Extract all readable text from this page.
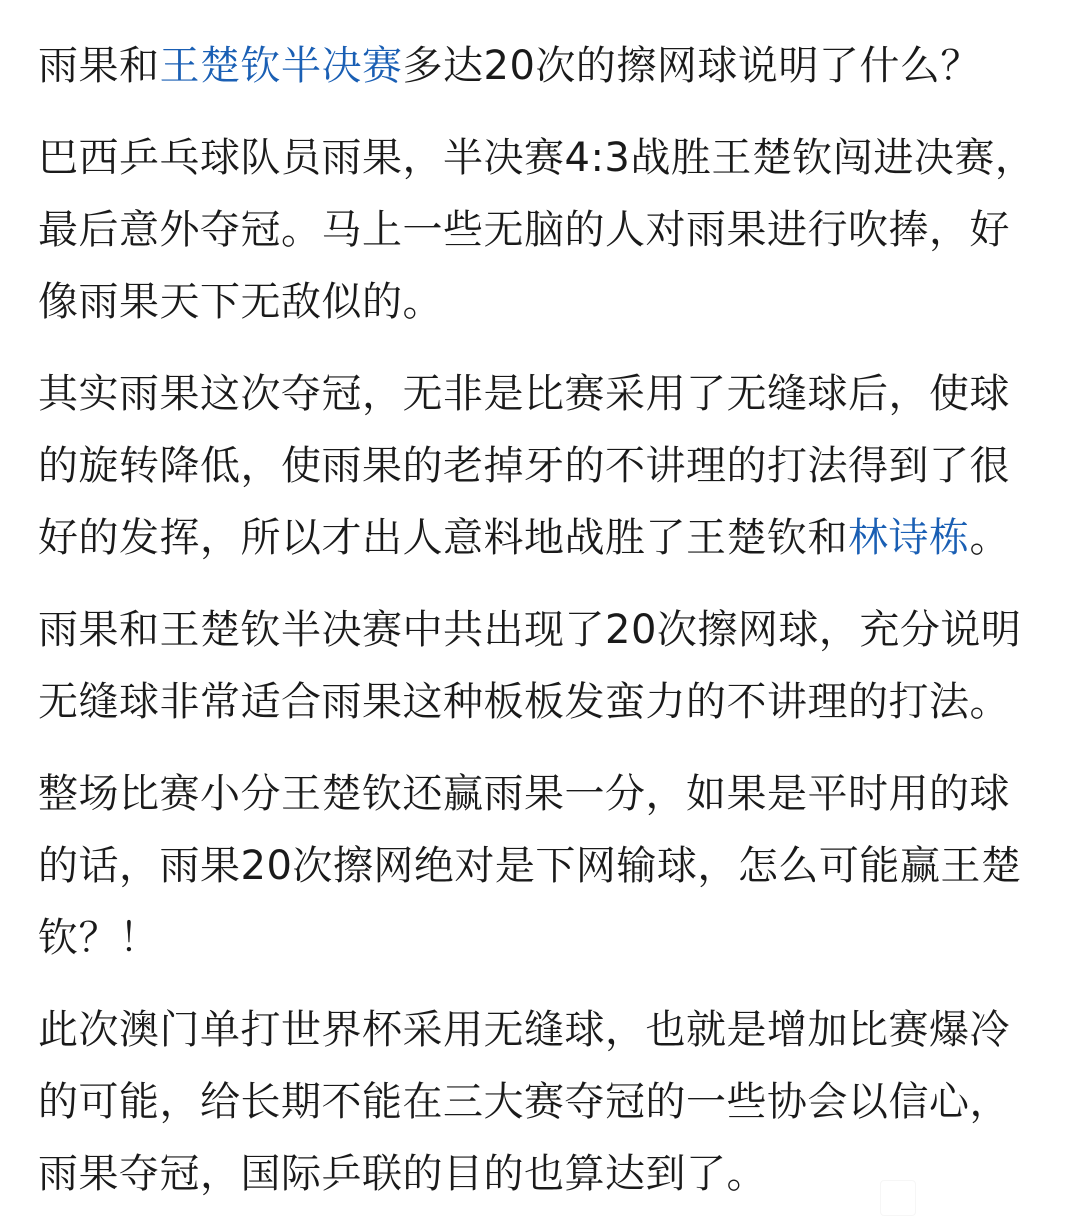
雨果和王楚钦半决赛多达20次的擦网球说明了什么？

巴西乒乓球队员雨果，半决赛4:3战胜王楚钦闯进决赛，最后意外夺冠。马上一些无脑的人对雨果进行吹捧，好像雨果天下无敌似的。

其实雨果这次夺冠，无非是比赛采用了无缝球后，使球的旋转降低，使雨果的老掉牙的不讲理的打法得到了很好的发挥，所以才出人意料地战胜了王楚钦和林诗栋。

雨果和王楚钦半决赛中共出现了20次擦网球，充分说明无缝球非常适合雨果这种板板发蛮力的不讲理的打法。

整场比赛小分王楚钦还赢雨果一分，如果是平时用的球的话，雨果20次擦网绝对是下网输球，怎么可能赢王楚钦？！

此次澳门单打世界杯采用无缝球，也就是增加比赛爆冷的可能，给长期不能在三大赛夺冠的一些协会以信心，雨果夺冠，国际乒联的目的也算达到了。
